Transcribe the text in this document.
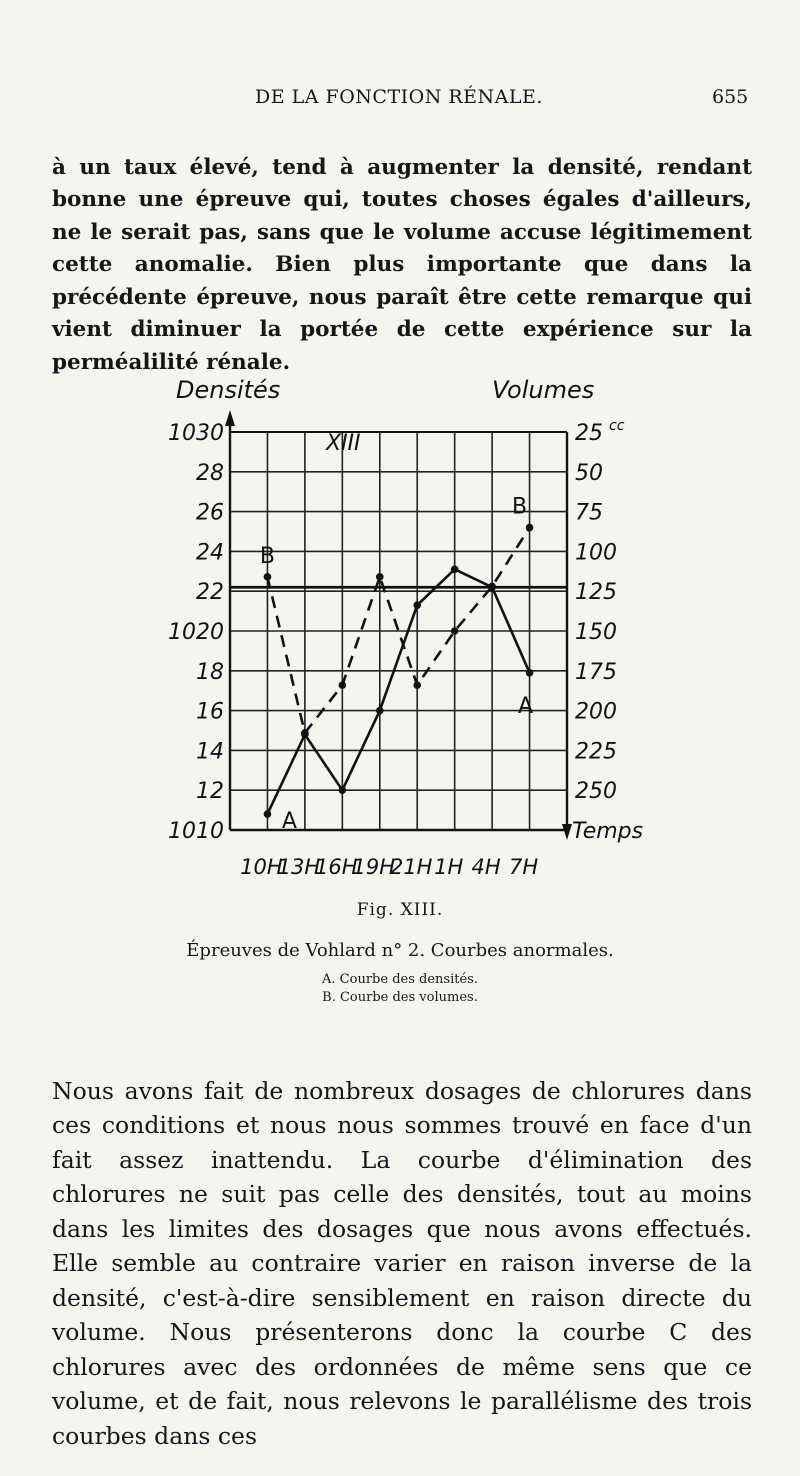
DE LA FONCTION RÉNALE.	655

à un taux élevé, tend à augmenter la densité, rendant bonne une épreuve qui, toutes choses égales d'ailleurs, ne le serait pas, sans que le volume accuse légitimement cette anomalie. Bien plus importante que dans la précédente épreuve, nous paraît être cette remarque qui vient diminuer la portée de cette expérience sur la perméalilité rénale.

Densités	Volumes
Temps
XIII
1030
28
26
24
22
1020
18
16
14
12
1010
25 cc
50
75
100
125
150
175
200
225
250
10H
13H
16H
19H
21H 1H 4H 7H
A
A
B
B
Fig. XIII.
Épreuves de Vohlard n° 2. Courbes anormales.
A. Courbe des densités.
B. Courbe des volumes.

Nous avons fait de nombreux dosages de chlorures dans ces conditions et nous nous sommes trouvé en face d'un fait assez inattendu. La courbe d'élimination des chlorures ne suit pas celle des densités, tout au moins dans les limites des dosages que nous avons effectués. Elle semble au contraire varier en raison inverse de la densité, c'est-à-dire sensiblement en raison directe du volume. Nous présenterons donc la courbe C des chlorures avec des ordonnées de même sens que ce volume, et de fait, nous relevons le parallélisme des trois courbes dans ces
